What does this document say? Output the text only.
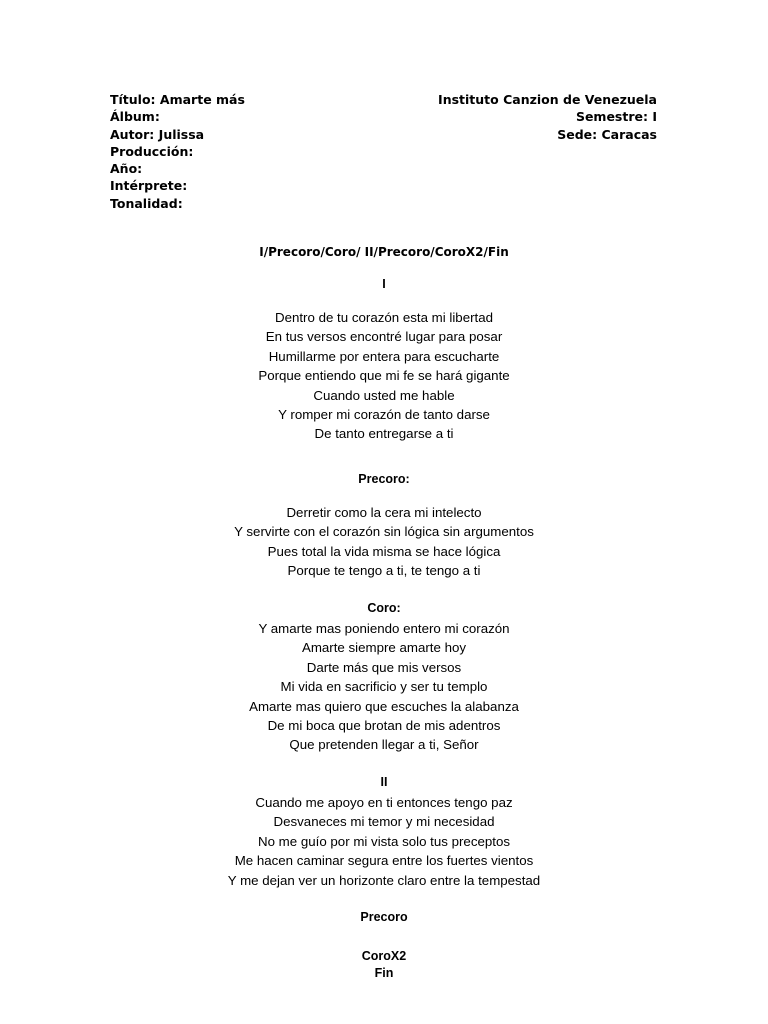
Título: Amarte más
Álbum:
Autor: Julissa
Producción:
Año:
Intérprete:
Tonalidad:
Instituto Canzion de Venezuela
Semestre: I
Sede: Caracas
I/Precoro/Coro/ II/Precoro/CoroX2/Fin
I
Dentro de tu corazón esta mi libertad
En tus versos encontré lugar para posar
Humillarme por entera para escucharte
Porque entiendo que mi fe se hará gigante
Cuando usted me hable
Y romper mi corazón de tanto darse
De tanto entregarse a ti
Precoro:
Derretir como la cera mi intelecto
Y servirte con el corazón sin lógica sin argumentos
Pues total la vida misma se hace lógica
Porque te tengo a ti, te tengo a ti
Coro:
Y amarte mas poniendo entero mi corazón
Amarte siempre amarte hoy
Darte más que mis versos
Mi vida en sacrificio y ser tu templo
Amarte mas quiero que escuches la alabanza
De mi boca que brotan de mis adentros
Que pretenden llegar a ti, Señor
II
Cuando me apoyo en ti entonces tengo paz
Desvaneces mi temor y mi necesidad
No me guío por mi vista solo tus preceptos
Me hacen caminar segura entre los fuertes vientos
Y me dejan ver un horizonte claro entre la tempestad
Precoro
CoroX2
Fin
